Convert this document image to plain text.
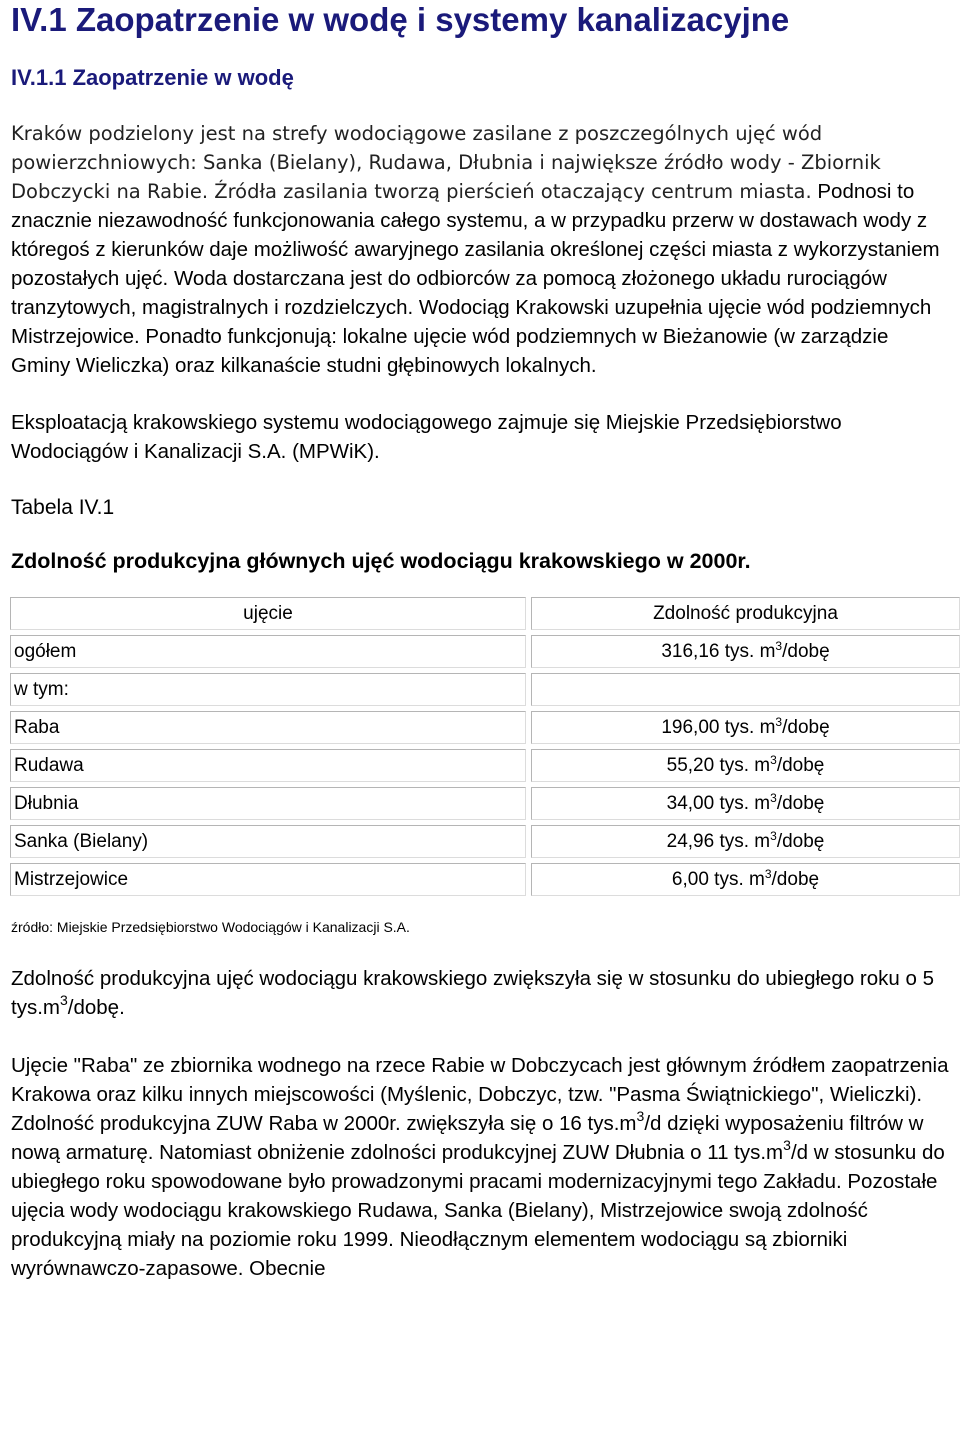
IV.1 Zaopatrzenie w wodę i systemy kanalizacyjne
IV.1.1 Zaopatrzenie w wodę

Kraków podzielony jest na strefy wodociągowe zasilane z poszczególnych ujęć wód powierzchniowych: Sanka (Bielany), Rudawa, Dłubnia i największe źródło wody - Zbiornik Dobczycki na Rabie. Źródła zasilania tworzą pierścień otaczający centrum miasta. Podnosi to znacznie niezawodność funkcjonowania całego systemu, a w przypadku przerw w dostawach wody z któregoś z kierunków daje możliwość awaryjnego zasilania określonej części miasta z wykorzystaniem pozostałych ujęć. Woda dostarczana jest do odbiorców za pomocą złożonego układu rurociągów tranzytowych, magistralnych i rozdzielczych. Wodociąg Krakowski uzupełnia ujęcie wód podziemnych Mistrzejowice. Ponadto funkcjonują: lokalne ujęcie wód podziemnych w Bieżanowie (w zarządzie Gminy Wieliczka) oraz kilkanaście studni głębinowych lokalnych.

Eksploatacją krakowskiego systemu wodociągowego zajmuje się Miejskie Przedsiębiorstwo Wodociągów i Kanalizacji S.A. (MPWiK).

Tabela IV.1

Zdolność produkcyjna głównych ujęć wodociągu krakowskiego w 2000r.

ujęcie	Zdolność produkcyjna
ogółem	316,16 tys. $m^3$/dobę
w tym:	
Raba	196,00 tys. $m^3$/dobę
Rudawa	55,20 tys. $m^3$/dobę
Dłubnia	34,00 tys. $m^3$/dobę
Sanka (Bielany)	24,96 tys. $m^3$/dobę
Mistrzejowice	6,00 tys. $m^3$/dobę

źródło: Miejskie Przedsiębiorstwo Wodociągów i Kanalizacji S.A.

Zdolność produkcyjna ujęć wodociągu krakowskiego zwiększyła się w stosunku do ubiegłego roku o 5 $tys.m^3$/dobę.

Ujęcie "Raba" ze zbiornika wodnego na rzece Rabie w Dobczycach jest głównym źródłem zaopatrzenia Krakowa oraz kilku innych miejscowości (Myślenic, Dobczyc, tzw. "Pasma Świątnickiego", Wieliczki). Zdolność produkcyjna ZUW Raba w 2000r. zwiększyła się o 16 $tys.m^3/d$ dzięki wyposażeniu filtrów w nową armaturę. Natomiast obniżenie zdolności produkcyjnej ZUW Dłubnia o 11 $tys.m^3/d$ w stosunku do ubiegłego roku spowodowane było prowadzonymi pracami modernizacyjnymi tego Zakładu. Pozostałe ujęcia wody wodociągu krakowskiego Rudawa, Sanka (Bielany), Mistrzejowice swoją zdolność produkcyjną miały na poziomie roku 1999. Nieodłącznym elementem wodociągu są zbiorniki wyrównawczo-zapasowe. Obecnie
